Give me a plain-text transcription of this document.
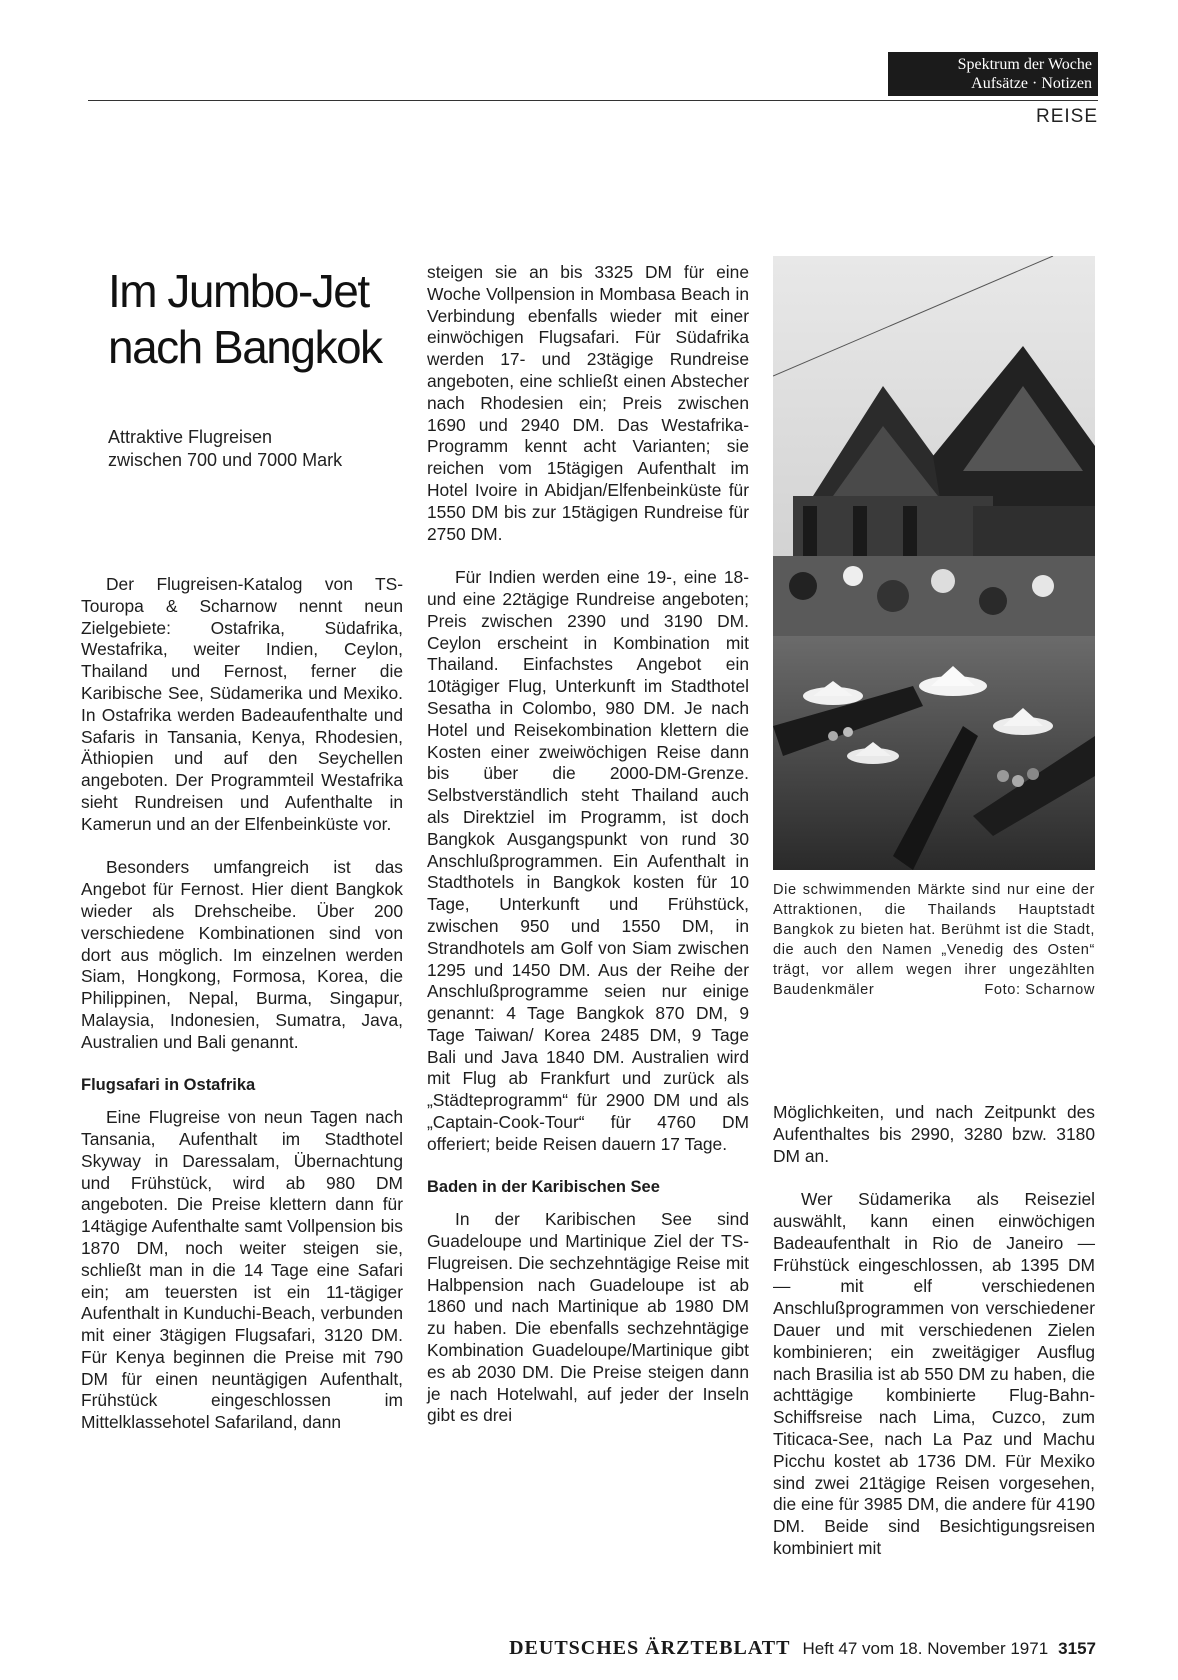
Spektrum der Woche
Aufsätze · Notizen
REISE
Im Jumbo-Jet
nach Bangkok
Attraktive Flugreisen
zwischen 700 und 7000 Mark

Der Flugreisen-Katalog von TS-Touropa & Scharnow nennt neun Zielgebiete: Ostafrika, Südafrika, Westafrika, weiter Indien, Ceylon, Thailand und Fernost, ferner die Karibische See, Südamerika und Mexiko. In Ostafrika werden Badeaufenthalte und Safaris in Tansania, Kenya, Rhodesien, Äthiopien und auf den Seychellen angeboten. Der Programmteil Westafrika sieht Rundreisen und Aufenthalte in Kamerun und an der Elfenbeinküste vor.

Besonders umfangreich ist das Angebot für Fernost. Hier dient Bangkok wieder als Drehscheibe. Über 200 verschiedene Kombinationen sind von dort aus möglich. Im einzelnen werden Siam, Hongkong, Formosa, Korea, die Philippinen, Nepal, Burma, Singapur, Malaysia, Indonesien, Sumatra, Java, Australien und Bali genannt.

Flugsafari in Ostafrika

Eine Flugreise von neun Tagen nach Tansania, Aufenthalt im Stadthotel Skyway in Daressalam, Übernachtung und Frühstück, wird ab 980 DM angeboten. Die Preise klettern dann für 14tägige Aufenthalte samt Vollpension bis 1870 DM, noch weiter steigen sie, schließt man in die 14 Tage eine Safari ein; am teuersten ist ein 11-tägiger Aufenthalt in Kunduchi-Beach, verbunden mit einer 3tägigen Flugsafari, 3120 DM. Für Kenya beginnen die Preise mit 790 DM für einen neuntägigen Aufenthalt, Frühstück eingeschlossen im Mittelklassehotel Safariland, dann

steigen sie an bis 3325 DM für eine Woche Vollpension in Mombasa Beach in Verbindung ebenfalls wieder mit einer einwöchigen Flugsafari. Für Südafrika werden 17- und 23tägige Rundreise angeboten, eine schließt einen Abstecher nach Rhodesien ein; Preis zwischen 1690 und 2940 DM. Das Westafrika-Programm kennt acht Varianten; sie reichen vom 15tägigen Aufenthalt im Hotel Ivoire in Abidjan/Elfenbeinküste für 1550 DM bis zur 15tägigen Rundreise für 2750 DM.

Für Indien werden eine 19-, eine 18- und eine 22tägige Rundreise angeboten; Preis zwischen 2390 und 3190 DM. Ceylon erscheint in Kombination mit Thailand. Einfachstes Angebot ein 10tägiger Flug, Unterkunft im Stadthotel Sesatha in Colombo, 980 DM. Je nach Hotel und Reisekombination klettern die Kosten einer zweiwöchigen Reise dann bis über die 2000-DM-Grenze. Selbstverständlich steht Thailand auch als Direktziel im Programm, ist doch Bangkok Ausgangspunkt von rund 30 Anschlußprogrammen. Ein Aufenthalt in Stadthotels in Bangkok kosten für 10 Tage, Unterkunft und Frühstück, zwischen 950 und 1550 DM, in Strandhotels am Golf von Siam zwischen 1295 und 1450 DM. Aus der Reihe der Anschlußprogramme seien nur einige genannt: 4 Tage Bangkok 870 DM, 9 Tage Taiwan/ Korea 2485 DM, 9 Tage Bali und Java 1840 DM. Australien wird mit Flug ab Frankfurt und zurück als „Städteprogramm“ für 2900 DM und als „Captain-Cook-Tour“ für 4760 DM offeriert; beide Reisen dauern 17 Tage.

Baden in der Karibischen See

In der Karibischen See sind Guadeloupe und Martinique Ziel der TS-Flugreisen. Die sechzehntägige Reise mit Halbpension nach Guadeloupe ist ab 1860 und nach Martinique ab 1980 DM zu haben. Die ebenfalls sechzehntägige Kombination Guadeloupe/Martinique gibt es ab 2030 DM. Die Preise steigen dann je nach Hotelwahl, auf jeder der Inseln gibt es drei

Die schwimmenden Märkte sind nur eine der Attraktionen, die Thailands Hauptstadt Bangkok zu bieten hat. Berühmt ist die Stadt, die auch den Namen „Venedig des Osten“ trägt, vor allem wegen ihrer ungezählten Baudenkmäler	Foto: Scharnow

Möglichkeiten, und nach Zeitpunkt des Aufenthaltes bis 2990, 3280 bzw. 3180 DM an.

Wer Südamerika als Reiseziel auswählt, kann einen einwöchigen Badeaufenthalt in Rio de Janeiro — Frühstück eingeschlossen, ab 1395 DM — mit elf verschiedenen Anschlußprogrammen von verschiedener Dauer und mit verschiedenen Zielen kombinieren; ein zweitägiger Ausflug nach Brasilia ist ab 550 DM zu haben, die achttägige kombinierte Flug-Bahn-Schiffsreise nach Lima, Cuzco, zum Titicaca-See, nach La Paz und Machu Picchu kostet ab 1736 DM. Für Mexiko sind zwei 21tägige Reisen vorgesehen, die eine für 3985 DM, die andere für 4190 DM. Beide sind Besichtigungsreisen kombiniert mit

DEUTSCHES ÄRZTEBLATT Heft 47 vom 18. November 1971 3157
